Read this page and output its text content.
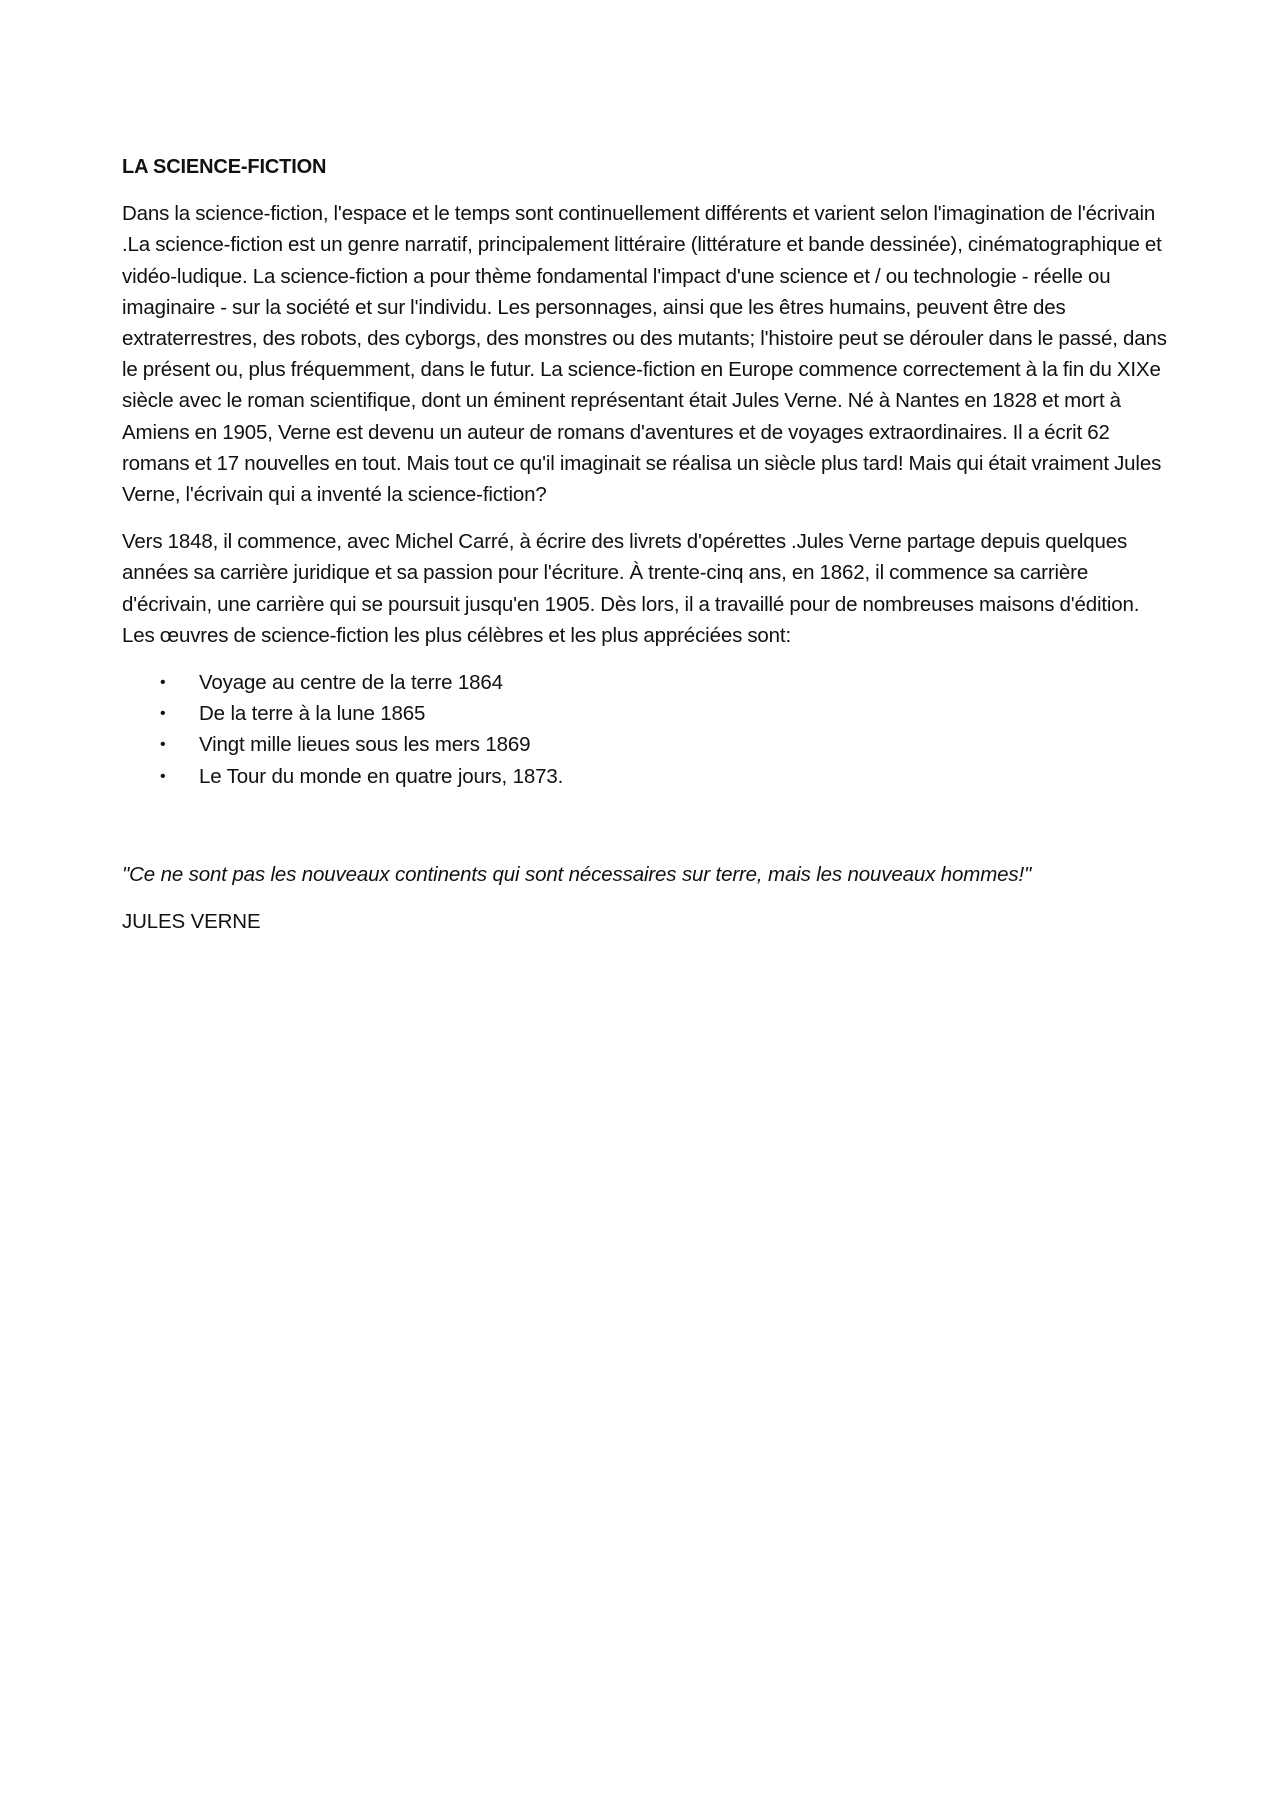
LA SCIENCE-FICTION

Dans la science-fiction, l'espace et le temps sont continuellement différents et varient selon l'imagination de l'écrivain .La science-fiction est un genre narratif, principalement littéraire (littérature et bande dessinée), cinématographique et vidéo-ludique. La science-fiction a pour thème fondamental l'impact d'une science et / ou technologie - réelle ou imaginaire - sur la société et sur l'individu. Les personnages, ainsi que les êtres humains, peuvent être des extraterrestres, des robots, des cyborgs, des monstres ou des mutants; l'histoire peut se dérouler dans le passé, dans le présent ou, plus fréquemment, dans le futur. La science-fiction en Europe commence correctement à la fin du XIXe siècle avec le roman scientifique, dont un éminent représentant était Jules Verne. Né à Nantes en 1828 et mort à Amiens en 1905, Verne est devenu un auteur de romans d'aventures et de voyages extraordinaires. Il a écrit 62 romans et 17 nouvelles en tout. Mais tout ce qu'il imaginait se réalisa un siècle plus tard! Mais qui était vraiment Jules Verne, l'écrivain qui a inventé la science-fiction?

Vers 1848, il commence, avec Michel Carré, à écrire des livrets d'opérettes .Jules Verne partage depuis quelques années sa carrière juridique et sa passion pour l'écriture. À trente-cinq ans, en 1862, il commence sa carrière d'écrivain, une carrière qui se poursuit jusqu'en 1905. Dès lors, il a travaillé pour de nombreuses maisons d'édition. Les œuvres de science-fiction les plus célèbres et les plus appréciées sont:

• Voyage au centre de la terre 1864
• De la terre à la lune 1865
• Vingt mille lieues sous les mers 1869
• Le Tour du monde en quatre jours, 1873.

"Ce ne sont pas les nouveaux continents qui sont nécessaires sur terre, mais les nouveaux hommes!"

JULES VERNE
